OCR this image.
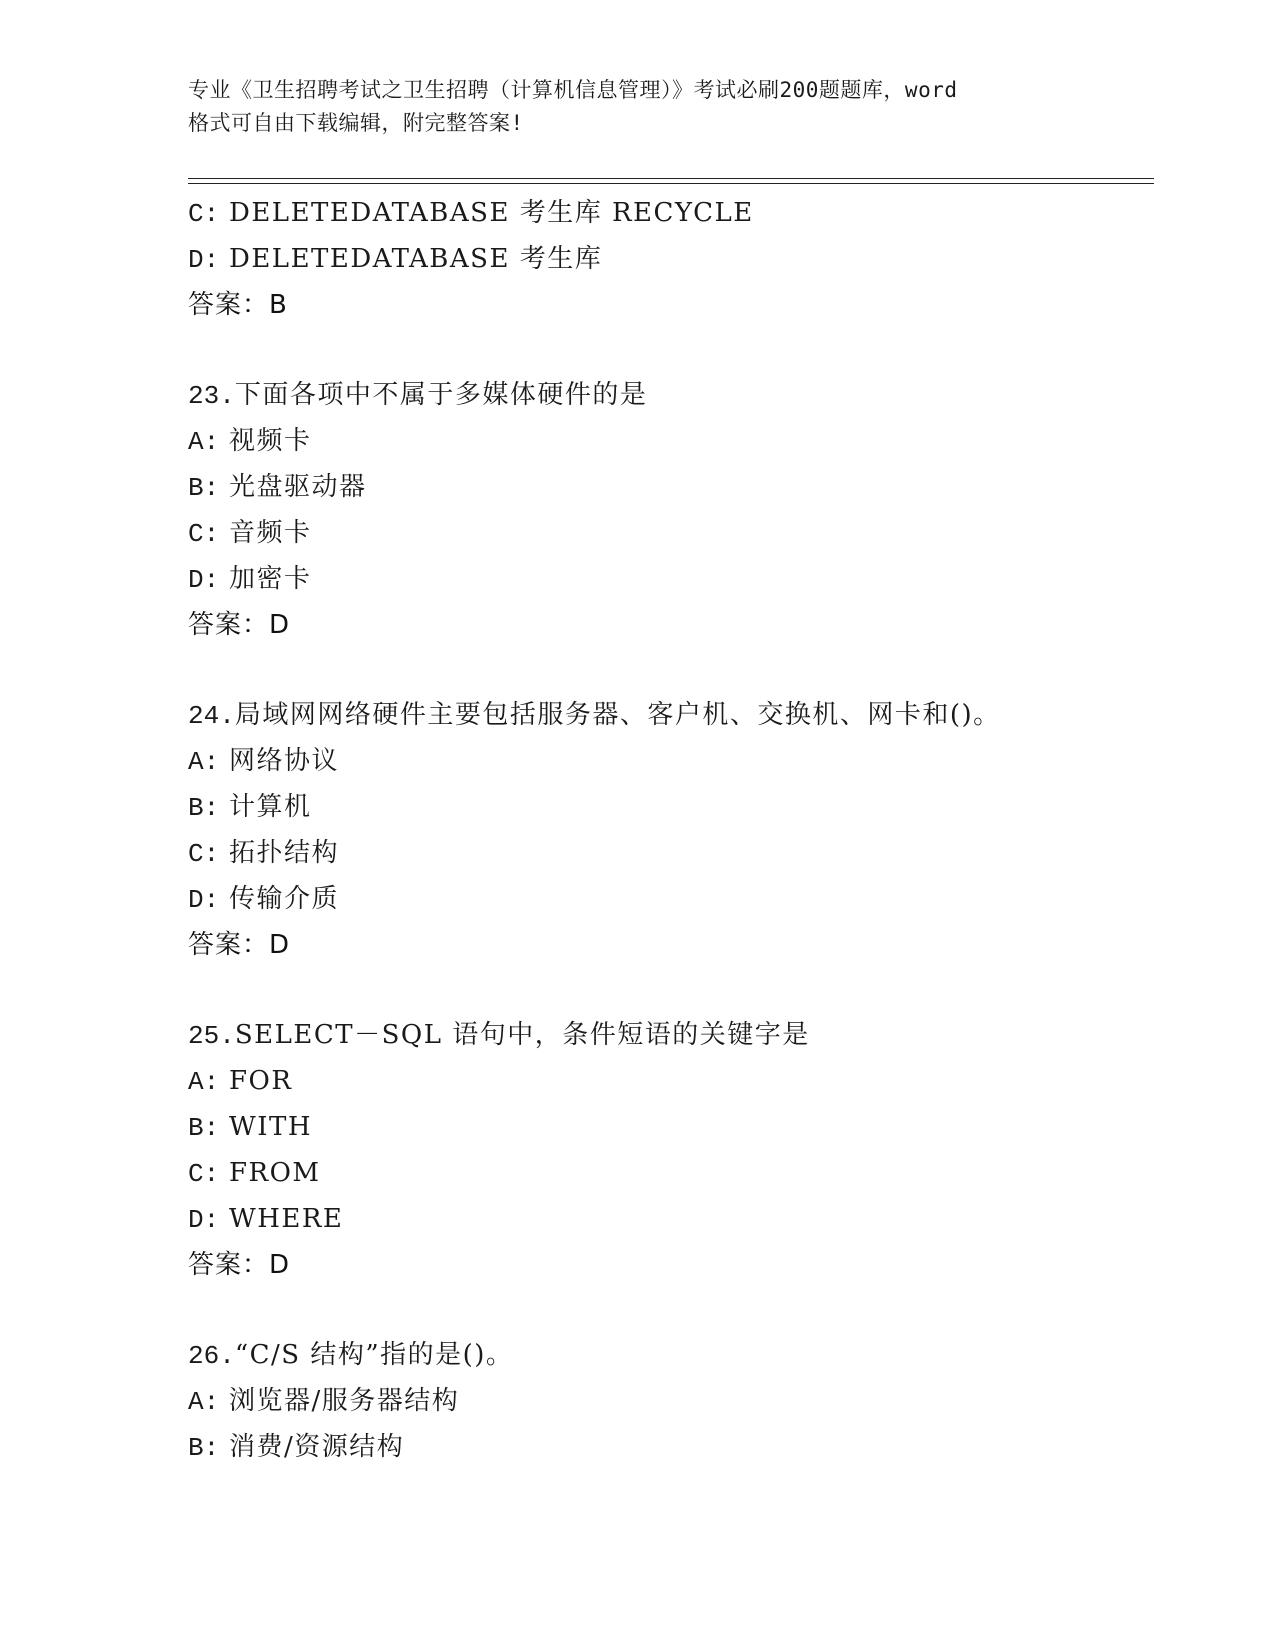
专业《卫生招聘考试之卫生招聘（计算机信息管理）》考试必刷200题题库，word
格式可自由下载编辑，附完整答案!
C: DELETEDATABASE 考生库 RECYCLE
D: DELETEDATABASE 考生库
答案：B
23.下面各项中不属于多媒体硬件的是
A: 视频卡
B: 光盘驱动器
C: 音频卡
D: 加密卡
答案：D
24.局域网网络硬件主要包括服务器、客户机、交换机、网卡和()。
A: 网络协议
B: 计算机
C: 拓扑结构
D: 传输介质
答案：D
25.SELECT－SQL 语句中，条件短语的关键字是
A: FOR
B: WITH
C: FROM
D: WHERE
答案：D
26.“C/S 结构”指的是()。
A: 浏览器/服务器结构
B: 消费/资源结构
